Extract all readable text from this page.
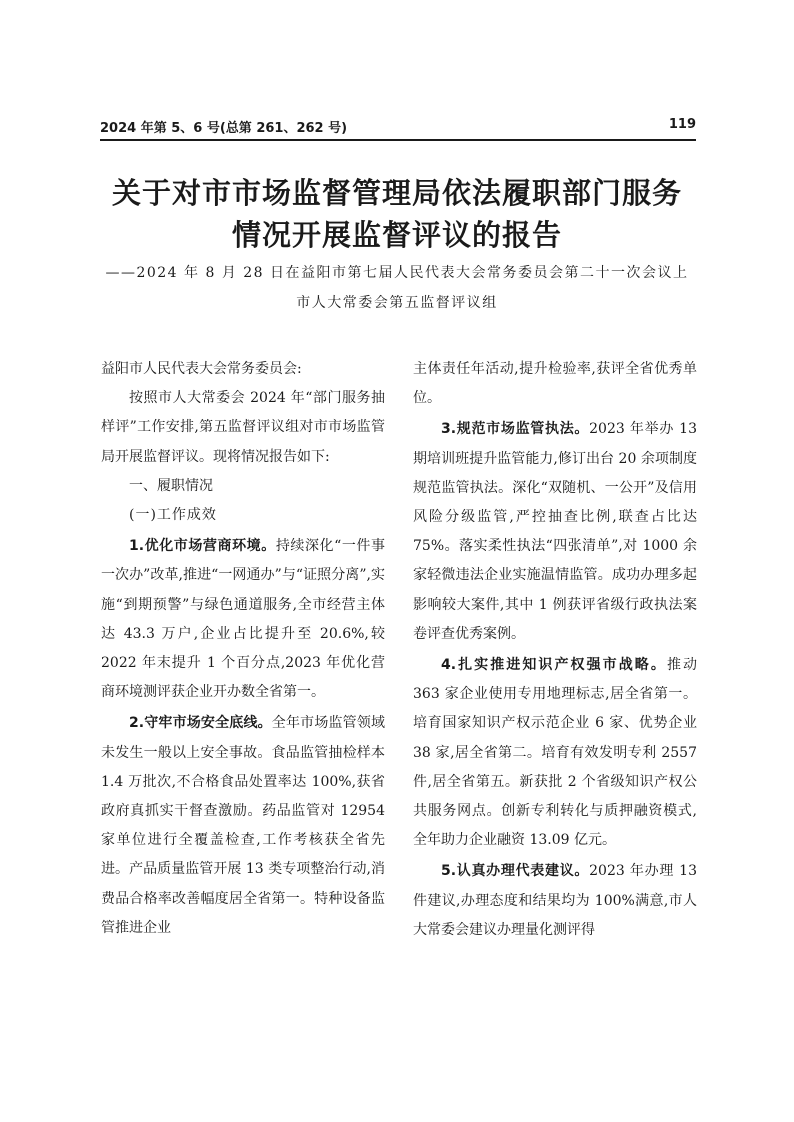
2024 年第 5、6 号(总第 261、262 号)	119
关于对市市场监督管理局依法履职部门服务
情况开展监督评议的报告
——2024 年 8 月 28 日在益阳市第七届人民代表大会常务委员会第二十一次会议上
市人大常委会第五监督评议组

益阳市人民代表大会常务委员会:

按照市人大常委会 2024 年“部门服务抽样评”工作安排,第五监督评议组对市市场监管局开展监督评议。现将情况报告如下:

一、履职情况

(一)工作成效

1.优化市场营商环境。持续深化“一件事一次办”改革,推进“一网通办”与“证照分离”,实施“到期预警”与绿色通道服务,全市经营主体达 43.3 万户,企业占比提升至 20.6%,较 2022 年末提升 1 个百分点,2023 年优化营商环境测评获企业开办数全省第一。

2.守牢市场安全底线。全年市场监管领域未发生一般以上安全事故。食品监管抽检样本 1.4 万批次,不合格食品处置率达 100%,获省政府真抓实干督查激励。药品监管对 12954 家单位进行全覆盖检查,工作考核获全省先进。产品质量监管开展 13 类专项整治行动,消费品合格率改善幅度居全省第一。特种设备监管推进企业

主体责任年活动,提升检验率,获评全省优秀单位。

3.规范市场监管执法。2023 年举办 13 期培训班提升监管能力,修订出台 20 余项制度规范监管执法。深化“双随机、一公开”及信用风险分级监管,严控抽查比例,联查占比达 75%。落实柔性执法“四张清单”,对 1000 余家轻微违法企业实施温情监管。成功办理多起影响较大案件,其中 1 例获评省级行政执法案卷评查优秀案例。

4.扎实推进知识产权强市战略。推动 363 家企业使用专用地理标志,居全省第一。培育国家知识产权示范企业 6 家、优势企业 38 家,居全省第二。培育有效发明专利 2557 件,居全省第五。新获批 2 个省级知识产权公共服务网点。创新专利转化与质押融资模式,全年助力企业融资 13.09 亿元。

5.认真办理代表建议。2023 年办理 13 件建议,办理态度和结果均为 100%满意,市人大常委会建议办理量化测评得
